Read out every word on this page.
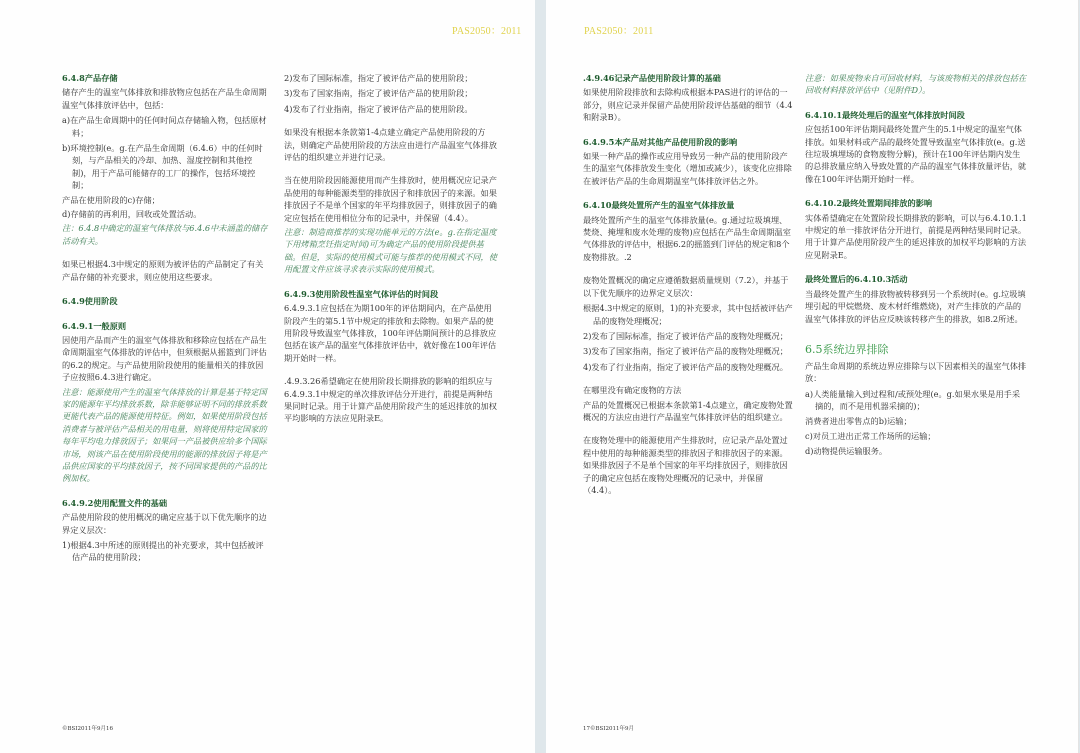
PAS2050：2011

6.4.8产品存储

储存产生的温室气体排放和排放物应包括在产品生命周期温室气体排放评估中，包括：

a)在产品生命周期中的任何时间点存储输入物，包括原材料；

b)环境控制(e。g.在产品生命周期（6.4.6）中的任何时刻，与产品相关的冷却、加热、湿度控制和其他控制)，用于产品可能储存的工厂的操作，包括环境控制；

产品在使用阶段的c)存储；

d)存储前的再利用，回收或处置活动。

注：6.4.8中确定的温室气体排放与6.4.6中未涵盖的储存活动有关。

如果已根据4.3中规定的原则为被评估的产品制定了有关产品存储的补充要求，则应使用这些要求。

6.4.9使用阶段

6.4.9.1一般原则

因使用产品而产生的温室气体排放和移除应包括在产品生命周期温室气体排放的评估中，但须根据从摇篮到门评估的6.2的规定。与产品使用阶段使用的能量相关的排放因子应按照6.4.3进行确定。

注意：能源使用产生的温室气体排放的计算是基于特定国家的能源年平均排放系数，除非能够证明不同的排放系数更能代表产品的能源使用特征。例如，如果使用阶段包括消费者与被评估产品相关的用电量，则将使用特定国家的每年平均电力排放因子；如果同一产品被供应给多个国际市场，则该产品在使用阶段使用的能源的排放因子将是产品供应国家的平均排放因子，按不同国家提供的产品的比例加权。

6.4.9.2使用配置文件的基础

产品使用阶段的使用概况的确定应基于以下优先顺序的边界定义层次：

1)根据4.3中所述的原则提出的补充要求，其中包括被评估产品的使用阶段；

2)发布了国际标准，指定了被评估产品的使用阶段；

3)发布了国家指南，指定了被评估产品的使用阶段；

4)发布了行业指南，指定了被评估产品的使用阶段。

如果没有根据本条款第1-4点建立确定产品使用阶段的方法，则确定产品使用阶段的方法应由进行产品温室气体排放评估的组织建立并进行记录。

当在使用阶段因能源使用而产生排放时，使用概况应记录产品使用的每种能源类型的排放因子和排放因子的来源。如果排放因子不是单个国家的年平均排放因子，则排放因子的确定应包括在使用相位分布的记录中，并保留（4.4）。

注意：制造商推荐的实现功能单元的方法(e。g.在指定温度下用烤箱烹饪指定时间)可为确定产品的使用阶段提供基础。但是，实际的使用模式可能与推荐的使用模式不同，使用配置文件应该寻求表示实际的使用模式。

6.4.9.3使用阶段性温室气体评估的时间段

6.4.9.3.1应包括在为期100年的评估期间内，在产品使用阶段产生的第5.1节中规定的排放和去除物。如果产品的使用阶段导致温室气体排放，100年评估期间预计的总排放应包括在该产品的温室气体排放评估中，就好像在100年评估期开始时一样。

.4.9.3.26希望确定在使用阶段长期排放的影响的组织应与6.4.9.3.1中规定的单次排放评估分开进行，前提是两种结果同时记录。用于计算产品使用阶段产生的延迟排放的加权平均影响的方法应见附录E。

©BSI2011年9月16
PAS2050：2011

.4.9.46记录产品使用阶段计算的基础

如果使用阶段排放和去除构成根据本PAS进行的评估的一部分，则应记录并保留产品使用阶段评估基础的细节（4.4和附录B）。

6.4.9.5本产品对其他产品使用阶段的影响

如果一种产品的操作或应用导致另一种产品的使用阶段产生的温室气体排放发生变化（增加或减少），该变化应排除在被评估产品的生命周期温室气体排放评估之外。

6.4.10最终处置所产生的温室气体排放量

最终处置所产生的温室气体排放量(e。g.通过垃圾填埋、焚烧、掩埋和废水处理的废物)应包括在产品生命周期温室气体排放的评估中，根据6.2的摇篮到门评估的规定和8个废物排放。.2

废物处置概况的确定应遵循数据质量规则（7.2），并基于以下优先顺序的边界定义层次：

根据4.3中规定的原则，1)的补充要求，其中包括被评估产品的废物处理概况；

2)发布了国际标准，指定了被评估产品的废物处理概况；

3)发布了国家指南，指定了被评估产品的废物处理概况；

4)发布了行业指南，指定了被评估产品的废物处理概况。

在哪里没有确定废物的方法

产品的处置概况已根据本条款第1-4点建立，确定废物处置概况的方法应由进行产品温室气体排放评估的组织建立。

在废物处理中的能源使用产生排放时，应记录产品处置过程中使用的每种能源类型的排放因子和排放因子的来源。如果排放因子不是单个国家的年平均排放因子，则排放因子的确定应包括在废物处理概况的记录中，并保留（4.4）。

注意：如果废物来自可回收材料，与该废物相关的排放包括在回收材料排放评估中（见附件D）。

6.4.10.1最终处理后的温室气体排放时间段

应包括100年评估期间最终处置产生的5.1中规定的温室气体排放。如果材料或产品的最终处置导致温室气体排放(e。g.送往垃圾填埋场的食物废物分解)，预计在100年评估期内发生的总排放量应纳入导致处置的产品的温室气体排放量评估，就像在100年评估期开始时一样。

6.4.10.2最终处置期间排放的影响

实体希望确定在处置阶段长期排放的影响，可以与6.4.10.1.1中规定的单一排放评估分开进行，前提是两种结果同时记录。用于计算产品使用阶段产生的延迟排放的加权平均影响的方法应见附录E。

最终处置后的6.4.10.3活动

当最终处置产生的排放物被转移到另一个系统时(e。g.垃圾填埋引起的甲烷燃烧、废木材纤维燃烧)，对产生排放的产品的温室气体排放的评估应反映该转移产生的排放，如8.2所述。

6.5系统边界排除

产品生命周期的系统边界应排除与以下因素相关的温室气体排放：

a)人类能量输入到过程和/或预处理(e。g.如果水果是用手采摘的，而不是用机器采摘的)；

消费者进出零售点的b)运输；

c)对员工进出正常工作场所的运输；

d)动物提供运输服务。

17©BSI2011年9月
